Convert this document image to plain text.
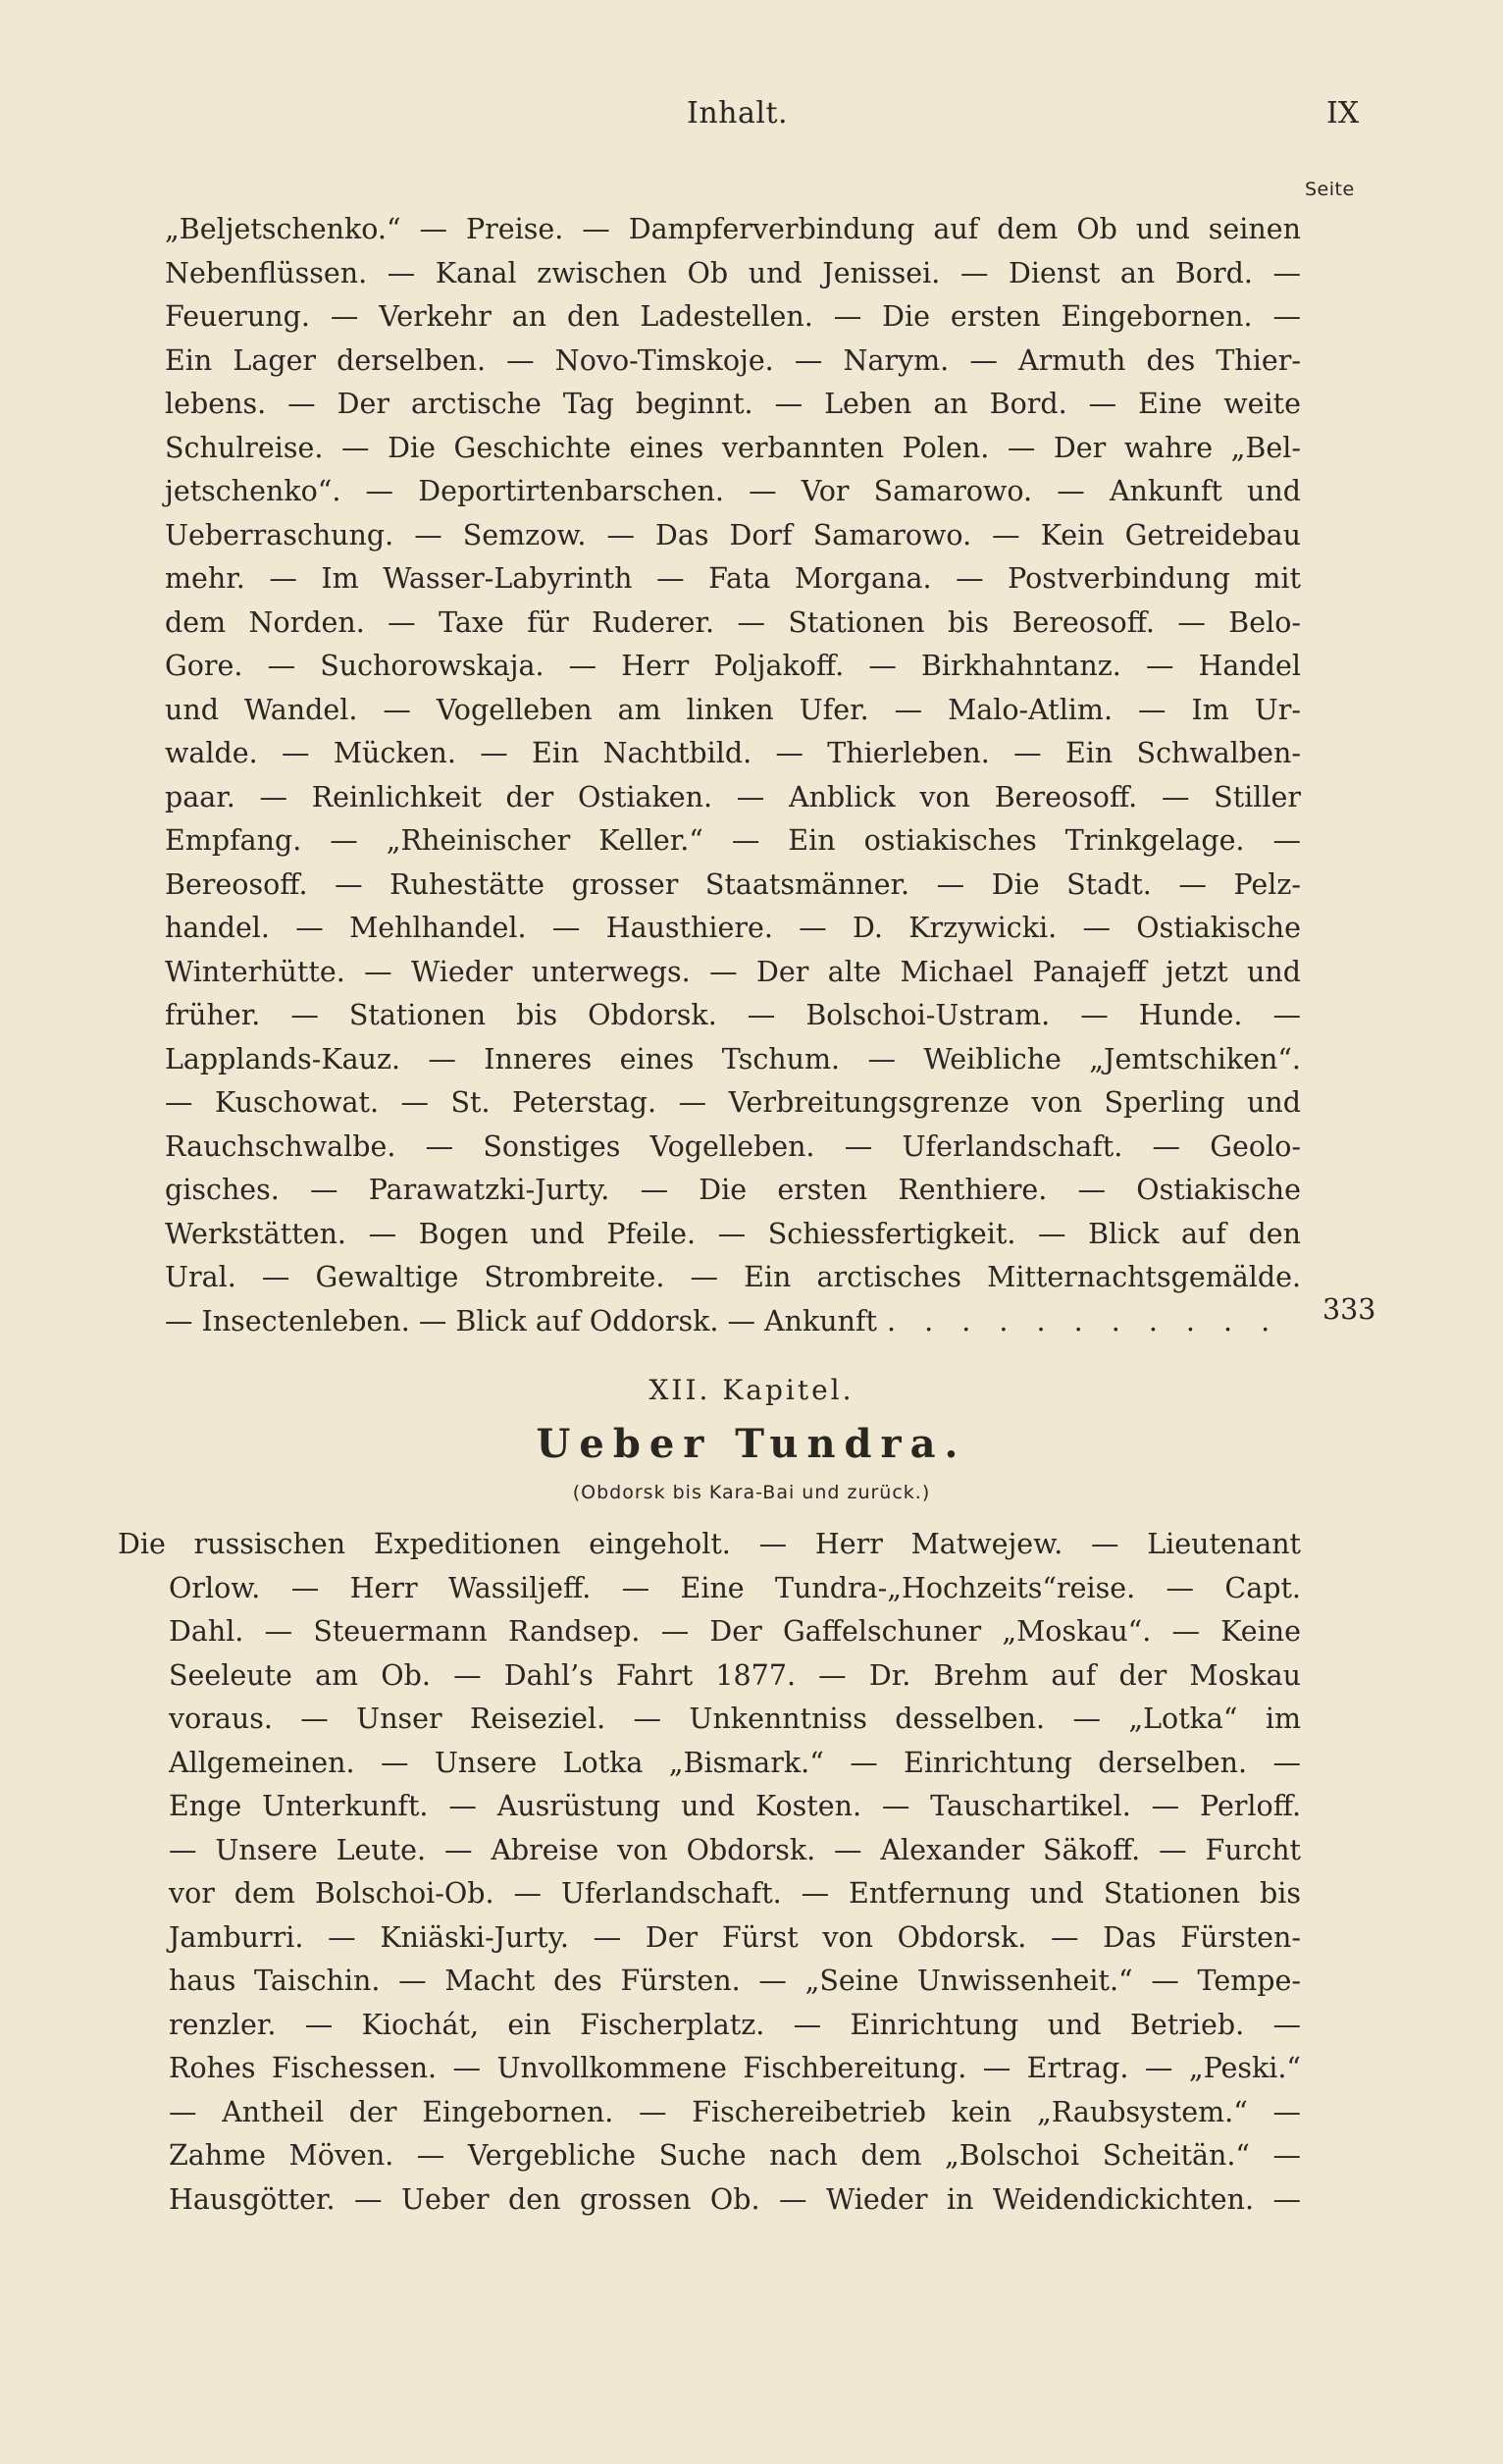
Inhalt.	IX
Seite
„Beljetschenko.“ — Preise. — Dampferverbindung auf dem Ob und seinen
Nebenflüssen. — Kanal zwischen Ob und Jenissei. — Dienst an Bord. —
Feuerung. — Verkehr an den Ladestellen. — Die ersten Eingebornen. —
Ein Lager derselben. — Novo-Timskoje. — Narym. — Armuth des Thier-
lebens. — Der arctische Tag beginnt. — Leben an Bord. — Eine weite
Schulreise. — Die Geschichte eines verbannten Polen. — Der wahre „Bel-
jetschenko“. — Deportirtenbarschen. — Vor Samarowo. — Ankunft und
Ueberraschung. — Semzow. — Das Dorf Samarowo. — Kein Getreidebau
mehr. — Im Wasser-Labyrinth — Fata Morgana. — Postverbindung mit
dem Norden. — Taxe für Ruderer. — Stationen bis Bereosoff. — Belo-
Gore. — Suchorowskaja. — Herr Poljakoff. — Birkhahntanz. — Handel
und Wandel. — Vogelleben am linken Ufer. — Malo-Atlim. — Im Ur-
walde. — Mücken. — Ein Nachtbild. — Thierleben. — Ein Schwalben-
paar. — Reinlichkeit der Ostiaken. — Anblick von Bereosoff. — Stiller
Empfang. — „Rheinischer Keller.“ — Ein ostiakisches Trinkgelage. —
Bereosoff. — Ruhestätte grosser Staatsmänner. — Die Stadt. — Pelz-
handel. — Mehlhandel. — Hausthiere. — D. Krzywicki. — Ostiakische
Winterhütte. — Wieder unterwegs. — Der alte Michael Panajeff jetzt und
früher. — Stationen bis Obdorsk. — Bolschoi-Ustram. — Hunde. —
Lapplands-Kauz. — Inneres eines Tschum. — Weibliche „Jemtschiken“.
— Kuschowat. — St. Peterstag. — Verbreitungsgrenze von Sperling und
Rauchschwalbe. — Sonstiges Vogelleben. — Uferlandschaft. — Geolo-
gisches. — Parawatzki-Jurty. — Die ersten Renthiere. — Ostiakische
Werkstätten. — Bogen und Pfeile. — Schiessfertigkeit. — Blick auf den
Ural. — Gewaltige Strombreite. — Ein arctisches Mitternachtsgemälde.
— Insectenleben. — Blick auf Oddorsk. — Ankunft
. . .	333
XII. Kapitel.
Ueber Tundra.
(Obdorsk bis Kara-Bai und zurück.)
Die russischen Expeditionen eingeholt. — Herr Matwejew. — Lieutenant
Orlow. — Herr Wassiljeff. — Eine Tundra-„Hochzeits“reise. — Capt.
Dahl. — Steuermann Randsep. — Der Gaffelschuner „Moskau“. — Keine
Seeleute am Ob. — Dahl’s Fahrt 1877. — Dr. Brehm auf der Moskau
voraus. — Unser Reiseziel. — Unkenntniss desselben. — „Lotka“ im
Allgemeinen. — Unsere Lotka „Bismark.“ — Einrichtung derselben. —
Enge Unterkunft. — Ausrüstung und Kosten. — Tauschartikel. — Perloff.
— Unsere Leute. — Abreise von Obdorsk. — Alexander Säkoff. — Furcht
vor dem Bolschoi-Ob. — Uferlandschaft. — Entfernung und Stationen bis
Jamburri. — Kniäski-Jurty. — Der Fürst von Obdorsk. — Das Fürsten-
haus Taischin. — Macht des Fürsten. — „Seine Unwissenheit.“ — Tempe-
renzler. — Kiochát, ein Fischerplatz. — Einrichtung und Betrieb. —
Rohes Fischessen. — Unvollkommene Fischbereitung. — Ertrag. — „Peski.“
— Antheil der Eingebornen. — Fischereibetrieb kein „Raubsystem.“ —
Zahme Möven. — Vergebliche Suche nach dem „Bolschoi Scheitän.“ —
Hausgötter. — Ueber den grossen Ob. — Wieder in Weidendickichten. —
